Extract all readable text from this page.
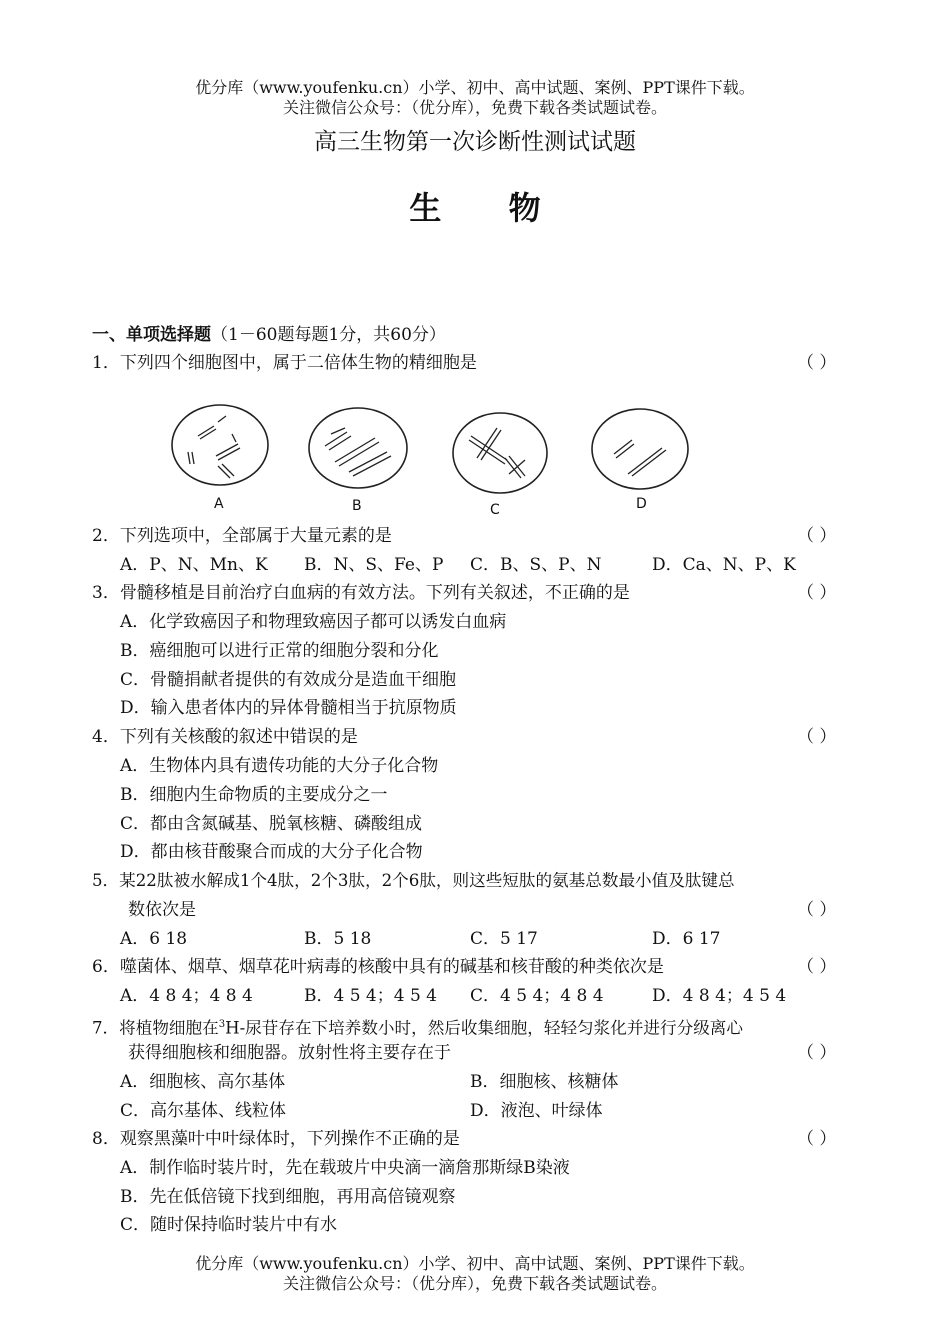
优分库（www.youfenku.cn）小学、初中、高中试题、案例、PPT课件下载。
关注微信公众号：（优分库），免费下载各类试题试卷。
高三生物第一次诊断性测试试题
生 物
一、单项选择题（1－60题每题1分，共60分）
1．下列四个细胞图中，属于二倍体生物的精细胞是	（ ）
A	B	C	D
2．下列选项中，全部属于大量元素的是	（ ）
A．P、N、Mn、K B．N、S、Fe、P C．B、S、P、N	D．Ca、N、P、K
3．骨髓移植是目前治疗白血病的有效方法。下列有关叙述，不正确的是	（ ）
A．化学致癌因子和物理致癌因子都可以诱发白血病
B．癌细胞可以进行正常的细胞分裂和分化
C．骨髓捐献者提供的有效成分是造血干细胞
D．输入患者体内的异体骨髓相当于抗原物质
4．下列有关核酸的叙述中错误的是	（ ）
A．生物体内具有遗传功能的大分子化合物
B．细胞内生命物质的主要成分之一
C．都由含氮碱基、脱氧核糖、磷酸组成
D．都由核苷酸聚合而成的大分子化合物
5．某22肽被水解成1个4肽，2个3肽，2个6肽，则这些短肽的氨基总数最小值及肽键总
数依次是	（ ）
A．6 18	B．5 18	C．5 17	D．6 17
6．噬菌体、烟草、烟草花叶病毒的核酸中具有的碱基和核苷酸的种类依次是	（ ）
A．4 8 4；4 8 4	B．4 5 4；4 5 4 C．4 5 4；4 8 4	D．4 8 4；4 5 4
7．将植物细胞在$^3$H-尿苷存在下培养数小时，然后收集细胞，轻轻匀浆化并进行分级离心
获得细胞核和细胞器。放射性将主要存在于	（ ）
A．细胞核、高尔基体	B．细胞核、核糖体
C．高尔基体、线粒体	D．液泡、叶绿体
8．观察黑藻叶中叶绿体时，下列操作不正确的是	（ ）
A．制作临时装片时，先在载玻片中央滴一滴詹那斯绿B染液
B．先在低倍镜下找到细胞，再用高倍镜观察
C．随时保持临时装片中有水
优分库（www.youfenku.cn）小学、初中、高中试题、案例、PPT课件下载。
关注微信公众号：（优分库），免费下载各类试题试卷。
